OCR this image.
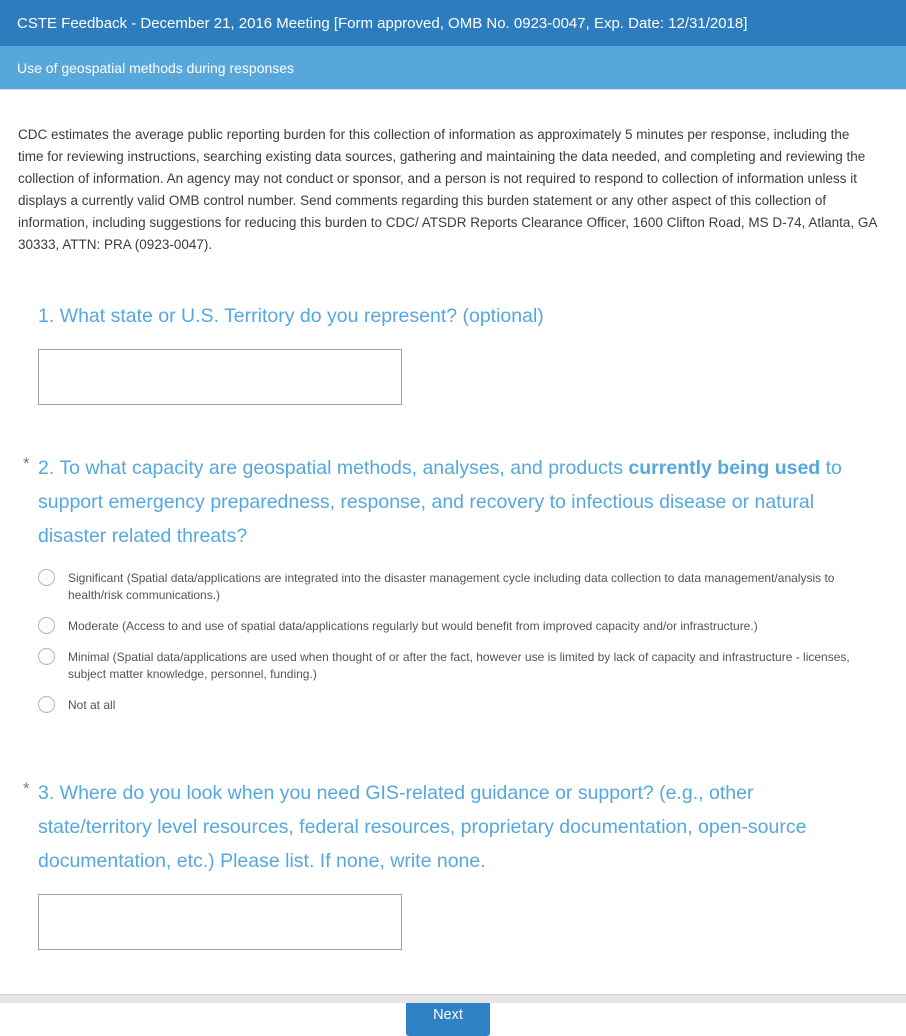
CSTE Feedback - December 21, 2016 Meeting [Form approved, OMB No. 0923-0047, Exp. Date: 12/31/2018]
Use of geospatial methods during responses
CDC estimates the average public reporting burden for this collection of information as approximately 5 minutes per response, including the time for reviewing instructions, searching existing data sources, gathering and maintaining the data needed, and completing and reviewing the collection of information. An agency may not conduct or sponsor, and a person is not required to respond to collection of information unless it displays a currently valid OMB control number. Send comments regarding this burden statement or any other aspect of this collection of information, including suggestions for reducing this burden to CDC/ ATSDR Reports Clearance Officer, 1600 Clifton Road, MS D-74, Atlanta, GA 30333, ATTN: PRA (0923-0047).
1. What state or U.S. Territory do you represent? (optional)
* 2. To what capacity are geospatial methods, analyses, and products currently being used to support emergency preparedness, response, and recovery to infectious disease or natural disaster related threats?
Significant (Spatial data/applications are integrated into the disaster management cycle including data collection to data management/analysis to health/risk communications.)
Moderate (Access to and use of spatial data/applications regularly but would benefit from improved capacity and/or infrastructure.)
Minimal (Spatial data/applications are used when thought of or after the fact, however use is limited by lack of capacity and infrastructure - licenses, subject matter knowledge, personnel, funding.)
Not at all
* 3. Where do you look when you need GIS-related guidance or support? (e.g., other state/territory level resources, federal resources, proprietary documentation, open-source documentation, etc.) Please list. If none, write none.
Next
